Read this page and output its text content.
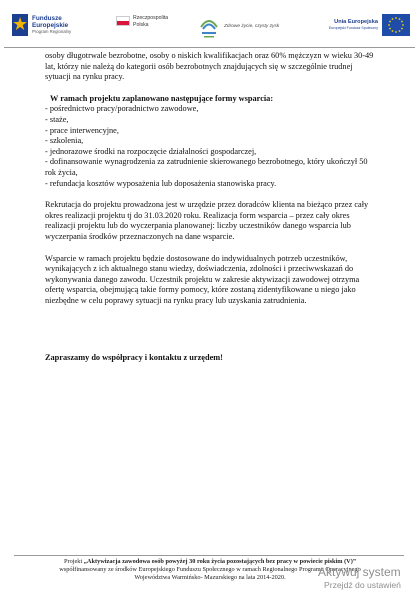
★ Fundusze
Europejskie
Program Regionalny
Rzeczpospolita
Polska	Zdrowe życie, czysty zysk
Unia Europejska
Europejski Fundusz Społeczny

osoby długotrwale bezrobotne, osoby o niskich kwalifikacjach oraz 60% mężczyzn w wieku 30-49 lat, którzy nie należą do kategorii osób bezrobotnych znajdujących się w szczególnie trudnej sytuacji na rynku pracy.

W ramach projektu zaplanowano następujące formy wsparcia:

- pośrednictwo pracy/poradnictwo zawodowe,
- staże,
- prace interwencyjne,
- szkolenia,
- jednorazowe środki na rozpoczęcie działalności gospodarczej,
- dofinansowanie wynagrodzenia za zatrudnienie skierowanego bezrobotnego, który ukończył 50 rok życia,
- refundacja kosztów wyposażenia lub doposażenia stanowiska pracy.

Rekrutacja do projektu prowadzona jest w urzędzie przez doradców klienta na bieżąco przez cały okres realizacji projektu tj do 31.03.2020 roku. Realizacja form wsparcia – przez cały okres realizacji projektu lub do wyczerpania planowanej: liczby uczestników danego wsparcia lub wyczerpania środków przeznaczonych na dane wsparcie.

Wsparcie w ramach projektu będzie dostosowane do indywidualnych potrzeb uczestników, wynikających z ich aktualnego stanu wiedzy, doświadczenia, zdolności i przeciwwskazań do wykonywania danego zawodu. Uczestnik projektu w zakresie aktywizacji zawodowej otrzyma ofertę wsparcia, obejmującą takie formy pomocy, które zostaną zidentyfikowane u niego jako niezbędne w celu poprawy sytuacji na rynku pracy lub uzyskania zatrudnienia.

Zapraszamy do współpracy i kontaktu z urzędem!

Projekt „Aktywizacja zawodowa osób powyżej 30 roku życia pozostających bez pracy w powiecie piskim (V)”

współfinansowany ze środków Europejskiego Funduszu Społecznego w ramach Regionalnego Programu Operacyjnego

Województwa Warmińsko- Mazurskiego na lata 2014-2020.	Aktywuj system
Przejdź do ustawień
